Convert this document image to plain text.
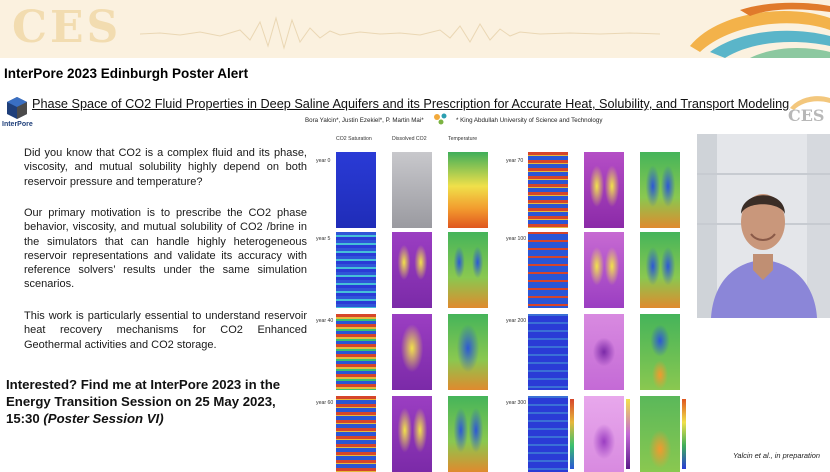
CES
InterPore 2023 Edinburgh Poster Alert
InterPore
Phase Space of CO2 Fluid Properties in Deep Saline Aquifers and its Prescription for Accurate Heat, Solubility, and Transport Modeling
Bora Yalcin*, Justin Ezekiel*, P. Martin Mai*	* King Abdullah University of Science and Technology	CES

Did you know that CO2 is a complex fluid and its phase, viscosity, and mutual solubility highly depend on both reservoir pressure and temperature?

Our primary motivation is to prescribe the CO2 phase behavior, viscosity, and mutual solubility of CO2 /brine in the simulators that can handle highly heterogeneous reservoir representations and validate its accuracy with reference solvers’ results under the same simulation scenarios.

This work is particularly essential to understand reservoir heat recovery mechanisms for CO2 Enhanced Geothermal activities and CO2 storage.

Interested? Find me at InterPore 2023 in the Energy Transition Session on 25 May 2023, 15:30 (Poster Session VI)
CO2 Saturation	Dissolved CO2	Temperature
year 0
year 5
year 40
year 60
year 70
year 100
year 200
year 300
Yalcin et al., in preparation
